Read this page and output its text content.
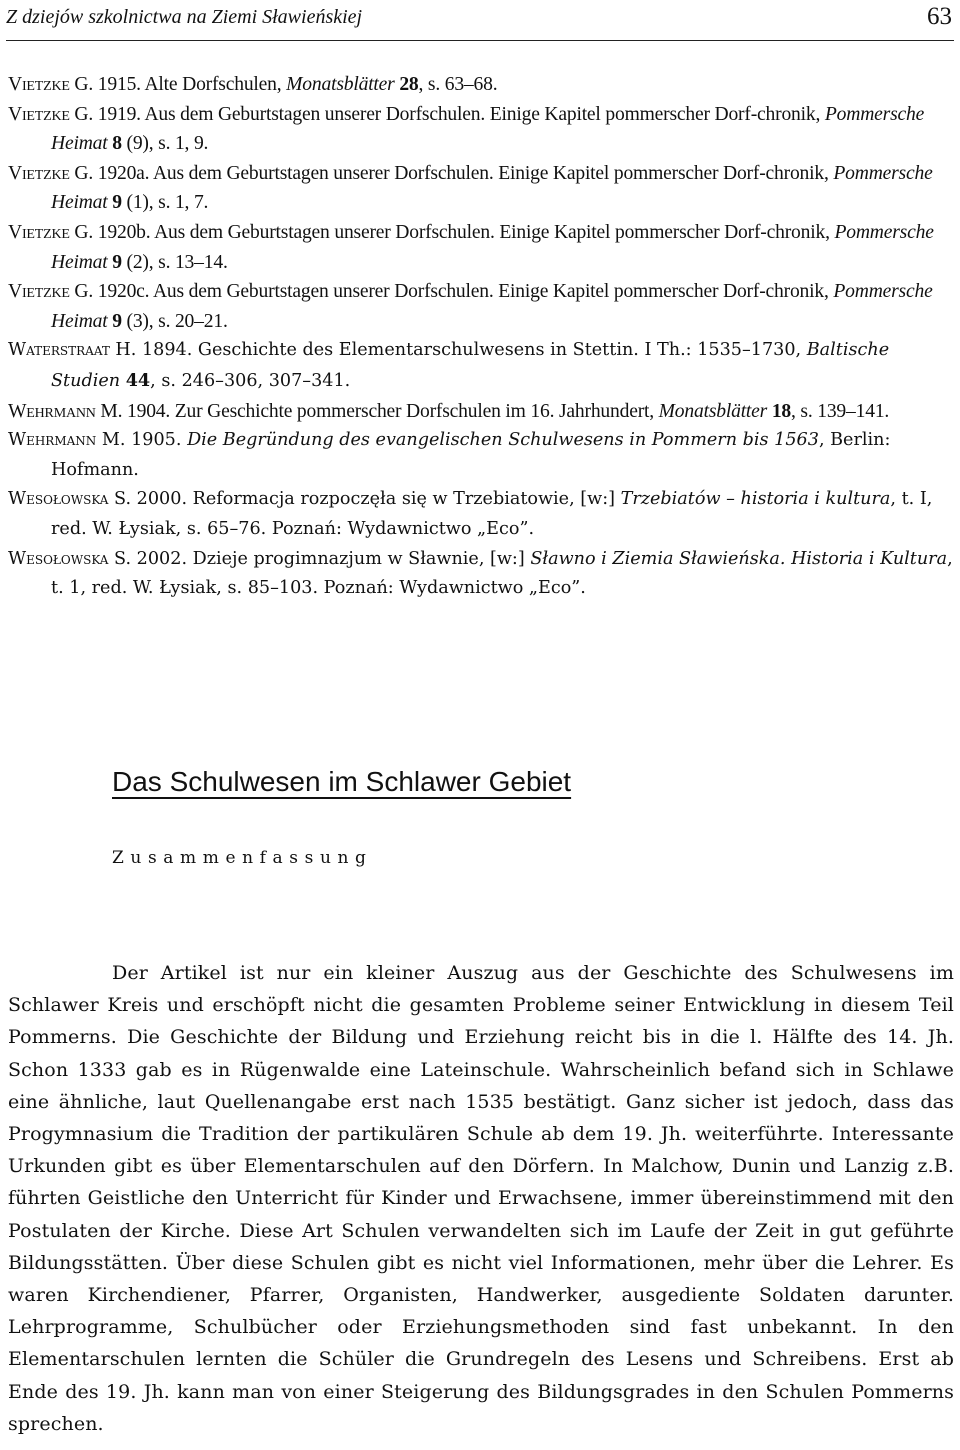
Z dziejów szkolnictwa na Ziemi Sławieńskiej	63

Vietzke G. 1915. Alte Dorfschulen, Monatsblätter 28, s. 63–68.

Vietzke G. 1919. Aus dem Geburtstagen unserer Dorfschulen. Einige Kapitel pommerscher Dorf-chronik, Pommersche Heimat 8 (9), s. 1, 9.

Vietzke G. 1920a. Aus dem Geburtstagen unserer Dorfschulen. Einige Kapitel pommerscher Dorf-chronik, Pommersche Heimat 9 (1), s. 1, 7.

Vietzke G. 1920b. Aus dem Geburtstagen unserer Dorfschulen. Einige Kapitel pommerscher Dorf-chronik, Pommersche Heimat 9 (2), s. 13–14.

Vietzke G. 1920c. Aus dem Geburtstagen unserer Dorfschulen. Einige Kapitel pommerscher Dorf-chronik, Pommersche Heimat 9 (3), s. 20–21.

Waterstraat H. 1894. Geschichte des Elementarschulwesens in Stettin. I Th.: 1535–1730, Baltische Studien 44, s. 246–306, 307–341.

Wehrmann M. 1904. Zur Geschichte pommerscher Dorfschulen im 16. Jahrhundert, Monatsblätter 18, s. 139–141.

Wehrmann M. 1905. Die Begründung des evangelischen Schulwesens in Pommern bis 1563, Berlin: Hofmann.

Wesołowska S. 2000. Reformacja rozpoczęła się w Trzebiatowie, [w:] Trzebiatów – historia i kultura, t. I, red. W. Łysiak, s. 65–76. Poznań: Wydawnictwo „Eco”.

Wesołowska S. 2002. Dzieje progimnazjum w Sławnie, [w:] Sławno i Ziemia Sławieńska. Historia i Kultura, t. 1, red. W. Łysiak, s. 85–103. Poznań: Wydawnictwo „Eco”.

Das Schulwesen im Schlawer Gebiet
Zusammenfassung

Der Artikel ist nur ein kleiner Auszug aus der Geschichte des Schulwesens im Schlawer Kreis und erschöpft nicht die gesamten Probleme seiner Entwicklung in diesem Teil Pommerns. Die Geschichte der Bildung und Erziehung reicht bis in die l. Hälfte des 14. Jh. Schon 1333 gab es in Rügenwalde eine Lateinschule. Wahrscheinlich befand sich in Schlawe eine ähnliche, laut Quellenangabe erst nach 1535 bestätigt. Ganz sicher ist jedoch, dass das Progymnasium die Tradition der partikulären Schule ab dem 19. Jh. weiterführte. Interessante Urkunden gibt es über Elementarschulen auf den Dörfern. In Malchow, Dunin und Lanzig z.B. führten Geistliche den Unterricht für Kinder und Erwachsene, immer übereinstimmend mit den Postulaten der Kirche. Diese Art Schulen verwandelten sich im Laufe der Zeit in gut geführte Bildungsstätten. Über diese Schulen gibt es nicht viel Informationen, mehr über die Lehrer. Es waren Kirchendiener, Pfarrer, Organisten, Handwerker, ausgediente Soldaten darunter. Lehrprogramme, Schulbücher oder Erziehungsmethoden sind fast unbekannt. In den Elementarschulen lernten die Schüler die Grundregeln des Lesens und Schreibens. Erst ab Ende des 19. Jh. kann man von einer Steigerung des Bildungsgrades in den Schulen Pommerns sprechen.
